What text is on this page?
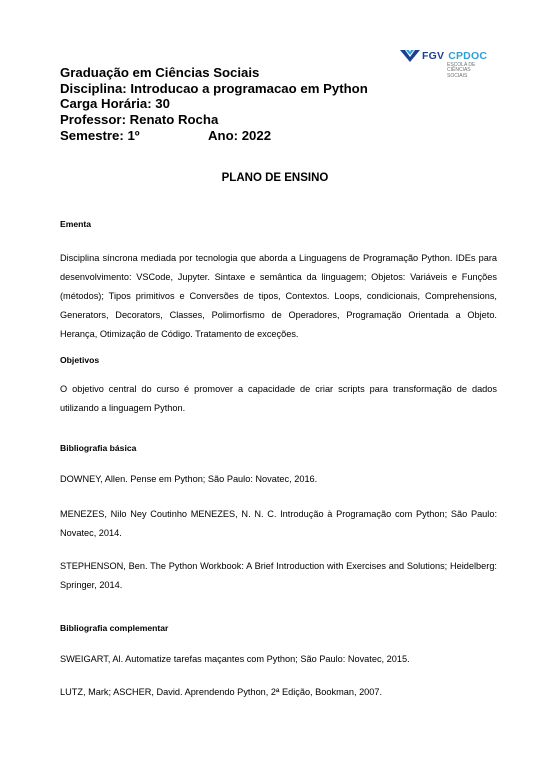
FGV CPDOC
ESCOLA DE
CIÊNCIAS
SOCIAIS
Graduação em Ciências Sociais
Disciplina: Introducao a programacao em Python
Carga Horária: 30
Professor: Renato Rocha
Semestre: 1º	Ano: 2022
PLANO DE ENSINO
Ementa
Disciplina síncrona mediada por tecnologia que aborda a Linguagens de Programação Python. IDEs para desenvolvimento: VSCode, Jupyter. Sintaxe e semântica da linguagem; Objetos: Variáveis e Funções (métodos); Tipos primitivos e Conversões de tipos, Contextos. Loops, condicionais, Comprehensions, Generators, Decorators, Classes, Polimorfismo de Operadores, Programação Orientada a Objeto. Herança, Otimização de Código. Tratamento de exceções.
Objetivos
O objetivo central do curso é promover a capacidade de criar scripts para transformação de dados utilizando a linguagem Python.
Bibliografia básica
DOWNEY, Allen. Pense em Python; São Paulo: Novatec, 2016.
MENEZES, Nilo Ney Coutinho MENEZES, N. N. C. Introdução à Programação com Python; São Paulo: Novatec, 2014.
STEPHENSON, Ben. The Python Workbook: A Brief Introduction with Exercises and Solutions; Heidelberg: Springer, 2014.
Bibliografia complementar
SWEIGART, Al. Automatize tarefas maçantes com Python; São Paulo: Novatec, 2015.
LUTZ, Mark; ASCHER, David. Aprendendo Python, 2ª Edição, Bookman, 2007.
